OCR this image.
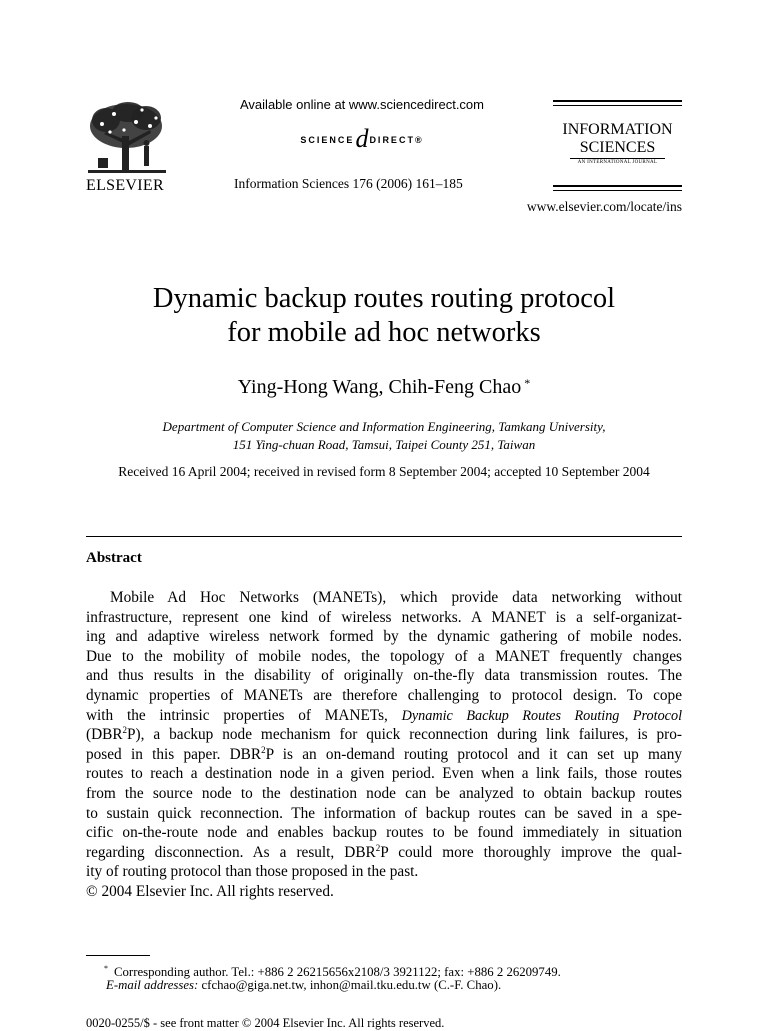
ELSEVIER
Available online at www.sciencedirect.com
SCIENCEdDIRECT®
Information Sciences 176 (2006) 161–185
INFORMATION
SCIENCES
AN INTERNATIONAL JOURNAL
www.elsevier.com/locate/ins
Dynamic backup routes routing protocol
for mobile ad hoc networks
Ying-Hong Wang, Chih-Feng Chao *
Department of Computer Science and Information Engineering, Tamkang University,
151 Ying-chuan Road, Tamsui, Taipei County 251, Taiwan
Received 16 April 2004; received in revised form 8 September 2004; accepted 10 September 2004
Abstract
Mobile Ad Hoc Networks (MANETs), which provide data networking without
infrastructure, represent one kind of wireless networks. A MANET is a self-organizat-
ing and adaptive wireless network formed by the dynamic gathering of mobile nodes.
Due to the mobility of mobile nodes, the topology of a MANET frequently changes
and thus results in the disability of originally on-the-fly data transmission routes. The
dynamic properties of MANETs are therefore challenging to protocol design. To cope
with the intrinsic properties of MANETs, Dynamic Backup Routes Routing Protocol
(DBR$^2$P), a backup node mechanism for quick reconnection during link failures, is pro-
posed in this paper. DBR$^2$P is an on-demand routing protocol and it can set up many
routes to reach a destination node in a given period. Even when a link fails, those routes
from the source node to the destination node can be analyzed to obtain backup routes
to sustain quick reconnection. The information of backup routes can be saved in a spe-
cific on-the-route node and enables backup routes to be found immediately in situation
regarding disconnection. As a result, DBR$^2$P could more thoroughly improve the qual-
ity of routing protocol than those proposed in the past.
© 2004 Elsevier Inc. All rights reserved.
* Corresponding author. Tel.: +886 2 26215656x2108/3 3921122; fax: +886 2 26209749.
E-mail addresses: cfchao@giga.net.tw, inhon@mail.tku.edu.tw (C.-F. Chao).
0020-0255/$ - see front matter © 2004 Elsevier Inc. All rights reserved.
